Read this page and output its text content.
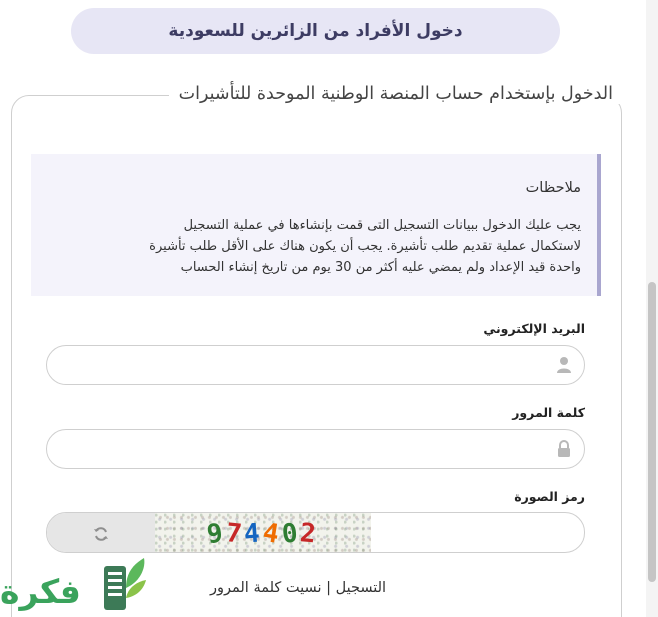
دخول الأفراد من الزائرين للسعودية
الدخول بإستخدام حساب المنصة الوطنية الموحدة للتأشيرات
ملاحظات
يجب عليك الدخول ببيانات التسجيل التى قمت بإنشاءها في عملية التسجيل
لاستكمال عملية تقديم طلب تأشيرة. يجب أن يكون هناك على الأقل طلب تأشيرة
واحدة قيد الإعداد ولم يمضي عليه أكثر من 30 يوم من تاريخ إنشاء الحساب
البريد الإلكتروني
كلمة المرور
رمز الصورة
9
7
4
4
0
2
التسجيل | نسيت كلمة المرور
فكرة
